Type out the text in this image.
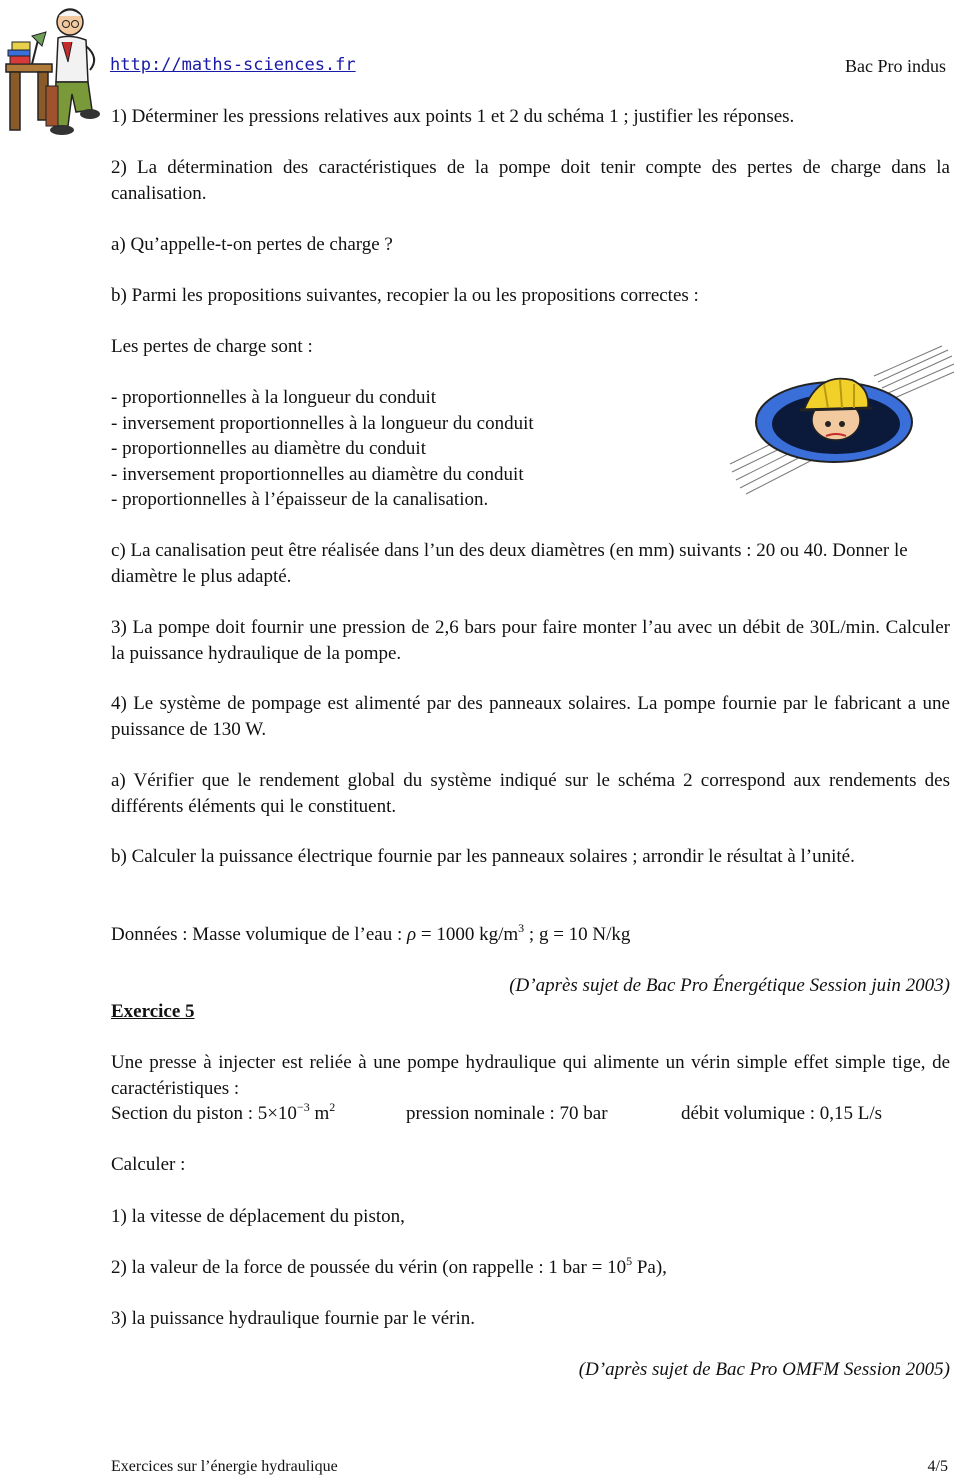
http://maths-sciences.fr	Bac Pro indus

1) Déterminer les pressions relatives aux points 1 et 2 du schéma 1 ; justifier les réponses.

2) La détermination des caractéristiques de la pompe doit tenir compte des pertes de charge dans la canalisation.

a) Qu’appelle-t-on pertes de charge ?

b) Parmi les propositions suivantes, recopier la ou les propositions correctes :

Les pertes de charge sont :

- proportionnelles à la longueur du conduit
- inversement proportionnelles à la longueur du conduit
- proportionnelles au diamètre du conduit
- inversement proportionnelles au diamètre du conduit
- proportionnelles à l’épaisseur de la canalisation.

c) La canalisation peut être réalisée dans l’un des deux diamètres (en mm) suivants : 20 ou 40. Donner le diamètre le plus adapté.

3) La pompe doit fournir une pression de 2,6 bars pour faire monter l’au avec un débit de 30L/min. Calculer la puissance hydraulique de la pompe.

4) Le système de pompage est alimenté par des panneaux solaires. La pompe fournie par le fabricant a une puissance de 130 W.

a) Vérifier que le rendement global du système indiqué sur le schéma 2 correspond aux rendements des différents éléments qui le constituent.

b) Calculer la puissance électrique fournie par les panneaux solaires ; arrondir le résultat à l’unité.

Données : Masse volumique de l’eau : ρ = 1000 $kg/m^3$ ; g = 10 N/kg

(D’après sujet de Bac Pro Énergétique Session juin 2003)
Exercice 5

Une presse à injecter est reliée à une pompe hydraulique qui alimente un vérin simple effet simple tige, de caractéristiques :

Section du piston : $5\times 10^{-3}$ $m^2$	pression nominale : 70 bar	débit volumique : 0,15 L/s

Calculer :

1) la vitesse de déplacement du piston,

2) la valeur de la force de poussée du vérin (on rappelle : 1 bar = $10^5$ Pa),

3) la puissance hydraulique fournie par le vérin.

(D’après sujet de Bac Pro OMFM Session 2005)
Exercices sur l’énergie hydraulique	4/5
